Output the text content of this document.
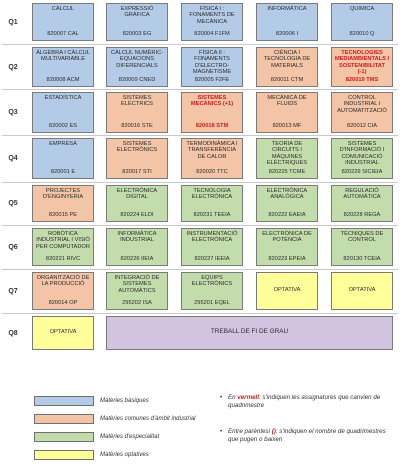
Q1
Q2
Q3
Q4
Q5
Q6
Q7
Q8
CÀLCUL
820007 CAL
EXPRESSIÓ GRÀFICA
820003 EG
FÍSICA I : FONAMENTS DE MECÀNICA
820004 F1FM
INFORMÀTICA
820006 I
QUIMICA
820010 Q
ÀLGEBRA I CÀLCUL MULTIVARIABLE
820008 ACM
CÀLCUL NUMÈRIC-EQUACIONS DIFERENCIALS
820009 CNED
FÍSICA II : FONAMENTS D'ELECTRO-MAGNETISME
820005 F2FE
CIÈNCIA I TECNOLOGIA DE MATERIALS
820011 CTM
TECNOLOGIES MEDIAMBIENTALS I SOSTENIBILITAT (-1)
820019 TMS
ESTADÍSTICA
820002 ES
SISTEMES ELÈCTRICS
820016 STE
SISTEMES MECÀNICS (+1)
820018 STM
MECÀNICA DE FLUIDS
820013 MF
CONTROL INDUSTRIAL I AUTOMATITZACIÓ
820012 CIA
EMPRESA
820001 E
SISTEMES ELECTRÒNICS
820017 STI
TERMODINÀMICA I TRANSFERÈNCIA DE CALOR
820020 TTC
TEORIA DE CIRCUITS I MÀQUINES ELÈCTRIQUES
820225 TCME
SISTEMES D'INFORMACIÓ I COMUNICACIÓ INDUSTRIAL
820229 SICIEIA
PROJECTES D'ENGINYERIA
820015 PE
ELECTRÒNICA DIGITAL
820224 ELDI
TECNOLOGIA ELECTRÒNICA
820231 TEEIA
ELECTRÒNICA ANALÒGICA
820222 EAEIA
REGULACIÓ AUTOMÀTICA
820228 REGA
ROBÒTICA INDUSTRIAL I VISIÓ PER COMPUTADOR
820221 RIVC
INFORMÀTICA INDUSTRIAL
820226 IIEIA
INSTRUMENTACIÓ ELECTRÒNICA
820227 IEEIA
ELECTRÒNICA DE POTÈNCIA
820223 EPEIA
TÈCNIQUES DE CONTROL
820130 TCEIA
ORGANITZACIÓ DE LA PRODUCCIÓ
820014 OP
INTEGRACIÓ DE SISTEMES AUTOMÀTICS
295202 ISA
EQUIPS ELECTRÒNICS
295201 EQEL
OPTATIVA	OPTATIVA
OPTATIVA	TREBALL DE FI DE GRAU
Matèries bàsiques
Matèries comunes d'àmbit industrial
Matèries d'especialitat
Matèries optatives
• En vermell: s'indiquen les assignatures que canvien de quadrimestre
• Entre parèntesi (): s'indiquen el nombre de quadrimestres que pugen o baixen
